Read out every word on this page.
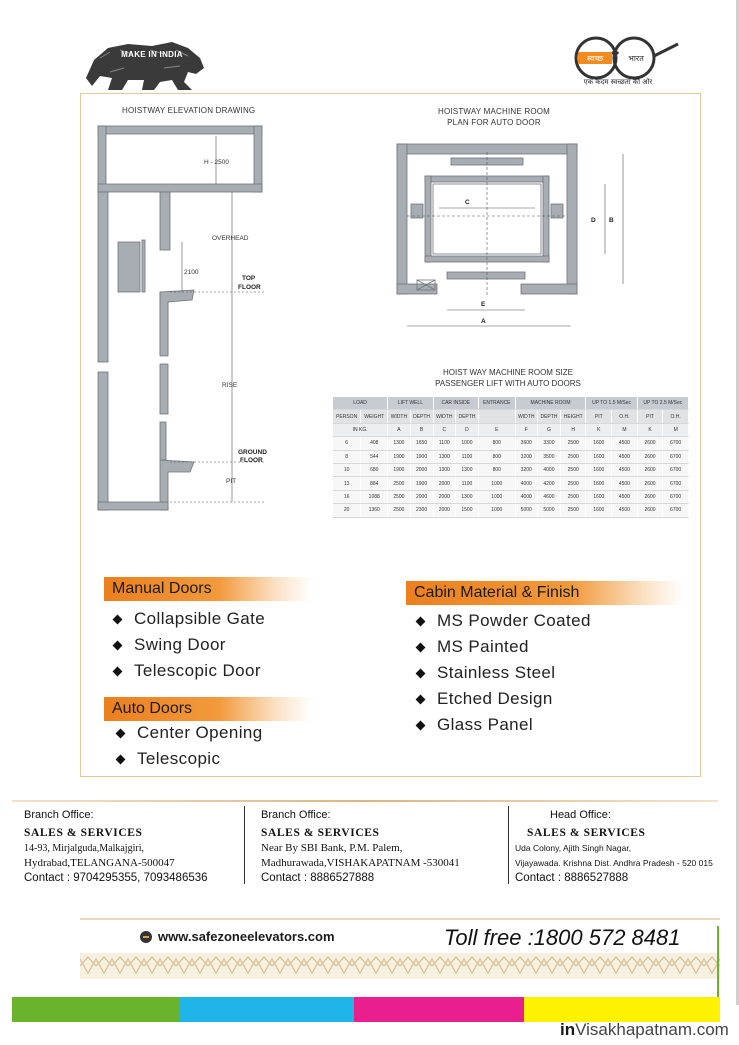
MAKE IN INDIA	स्वच्छ	भारत
एक कदम स्वच्छता की ओर
HOISTWAY ELEVATION DRAWING
H - 2500
OVERHEAD
2100
TOP
FLOOR
RISE
GROUND
FLOOR
PIT
HOISTWAY MACHINE ROOM
PLAN FOR AUTO DOOR
C
D B
E
A
HOIST WAY MACHINE ROOM SIZE
PASSENGER LIFT WITH AUTO DOORS
LOAD		LIFT WELL		CAR INSIDE		ENTRANCE	MACHINE ROOM			UP TO 1.5 M/Sec		UP TO 2.5 M/Sec	
PERSON	WEIGHT	WIDTH	DEPTH	WIDTH	DEPTH		WIDTH	DEPTH	HEIGHT	PIT	O.H.	PIT	O.H.
IN KG.		A	B	C	D	E	F	G	H	K	M	K	M
6	408	1300	1650	1100	1000	800	3600	3300	2500	1600	4500	2600	6700
8	544	1900	1900	1300	1100	800	3200	3500	2500	1600	4500	2600	6700
10	680	1900	2000	1300	1300	800	3200	4000	2500	1600	4500	2600	6700
13	884	2500	1900	2000	1100	1000	4000	4200	2500	1600	4500	2600	6700
16	1088	2500	2000	2000	1300	1000	4000	4600	2500	1600	4500	2600	6700
20	1360	2500	2300	2000	1500	1000	5000	5000	2500	1600	4500	2600	6700
Manual Doors
Collapsible Gate
Swing Door
Telescopic Door
Auto Doors
Center Opening
Telescopic
Cabin Material & Finish
MS Powder Coated
MS Painted
Stainless Steel
Etched Design
Glass Panel
Branch Office:
SALES & SERVICES
14-93, Mirjalguda,Malkajgiri,
Hydrabad,TELANGANA-500047
Contact : 9704295355, 7093486536
Branch Office:
SALES & SERVICES
Near By SBI Bank, P.M. Palem,
Madhurawada,VISHAKAPATNAM -530041
Contact : 8886527888
Head Office:
SALES & SERVICES
Uda Colony, Ajith Singh Nagar,
Vijayawada. Krishna Dist. Andhra Pradesh - 520 015
Contact : 8886527888
www.safezoneelevators.com	Toll free :1800 572 8481
inVisakhapatnam.com
